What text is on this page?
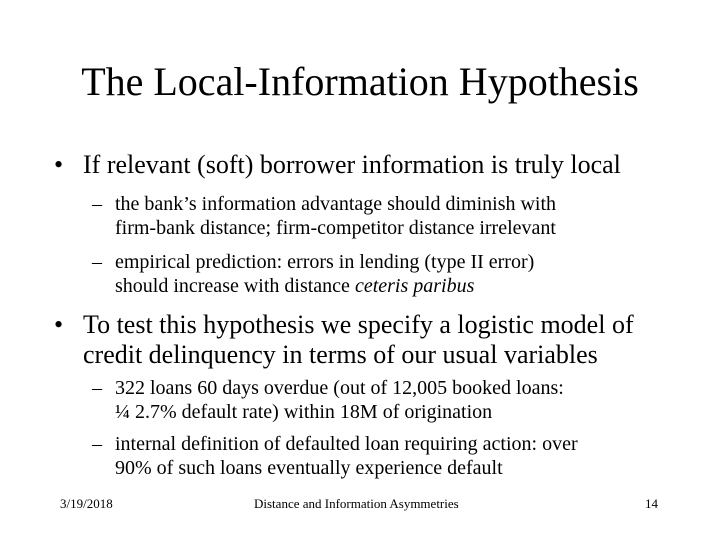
The Local-Information Hypothesis
• If relevant (soft) borrower information is truly local
– the bank’s information advantage should diminish with
firm-bank distance; firm-competitor distance irrelevant
– empirical prediction: errors in lending (type II error)
should increase with distance ceteris paribus
• To test this hypothesis we specify a logistic model of
credit delinquency in terms of our usual variables
– 322 loans 60 days overdue (out of 12,005 booked loans:
¼ 2.7% default rate) within 18M of origination
– internal definition of defaulted loan requiring action: over
90% of such loans eventually experience default
3/19/2018	Distance and Information Asymmetries	14
